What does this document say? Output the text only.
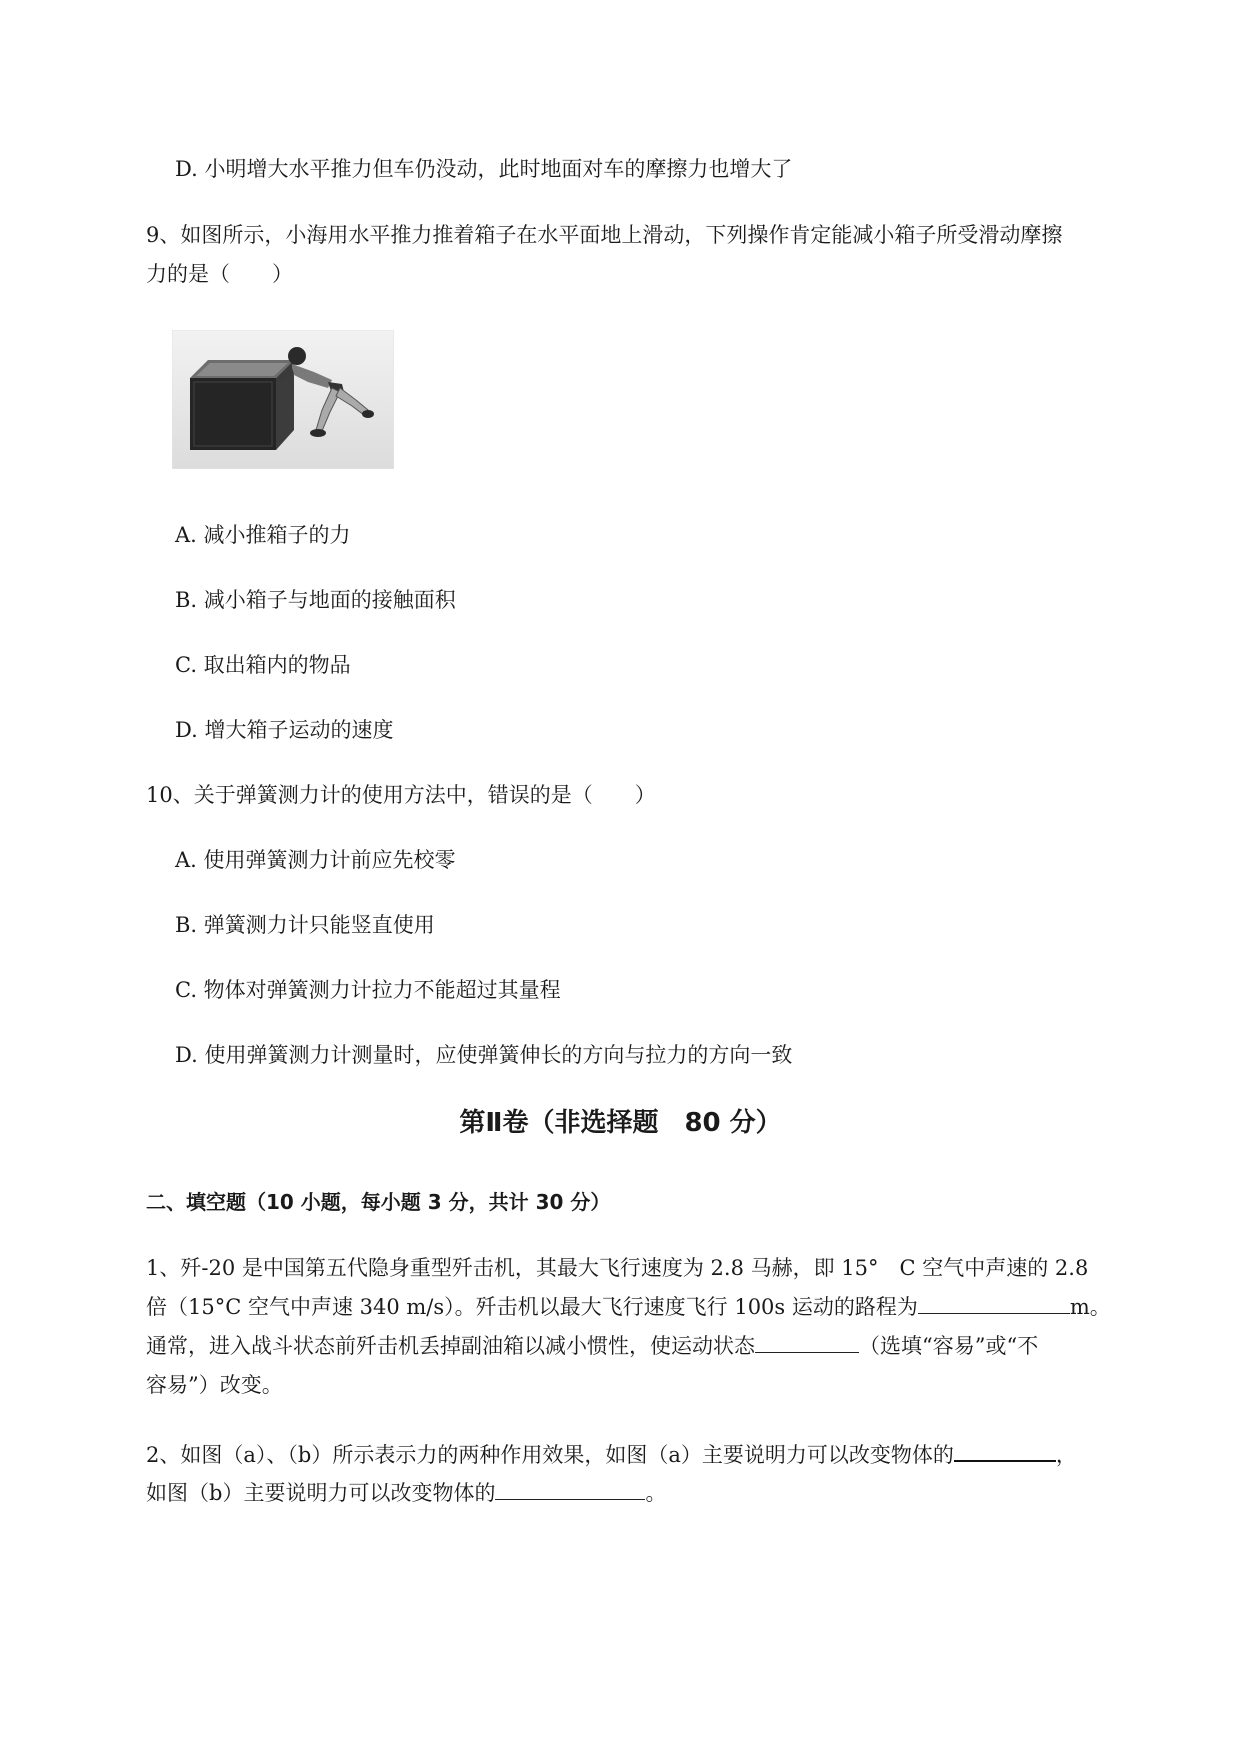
D. 小明增大水平推力但车仍没动，此时地面对车的摩擦力也增大了
9、如图所示，小海用水平推力推着箱子在水平面地上滑动，下列操作肯定能减小箱子所受滑动摩擦
力的是（　　）
A. 减小推箱子的力
B. 减小箱子与地面的接触面积
C. 取出箱内的物品
D. 增大箱子运动的速度
10、关于弹簧测力计的使用方法中，错误的是（　　）
A. 使用弹簧测力计前应先校零
B. 弹簧测力计只能竖直使用
C. 物体对弹簧测力计拉力不能超过其量程
D. 使用弹簧测力计测量时，应使弹簧伸长的方向与拉力的方向一致
第Ⅱ卷（非选择题　80 分）
二、填空题（10 小题，每小题 3 分，共计 30 分）
1、歼-20 是中国第五代隐身重型歼击机，其最大飞行速度为 2.8 马赫，即 15°　C 空气中声速的 2.8
倍（15°C 空气中声速 340 m/s）。歼击机以最大飞行速度飞行 100s 运动的路程为	m。
通常，进入战斗状态前歼击机丢掉副油箱以减小惯性，使运动状态	（选填“容易”或“不
容易”）改变。
2、如图（a）、（b）所示表示力的两种作用效果，如图（a）主要说明力可以改变物体的	，
如图（b）主要说明力可以改变物体的	。
